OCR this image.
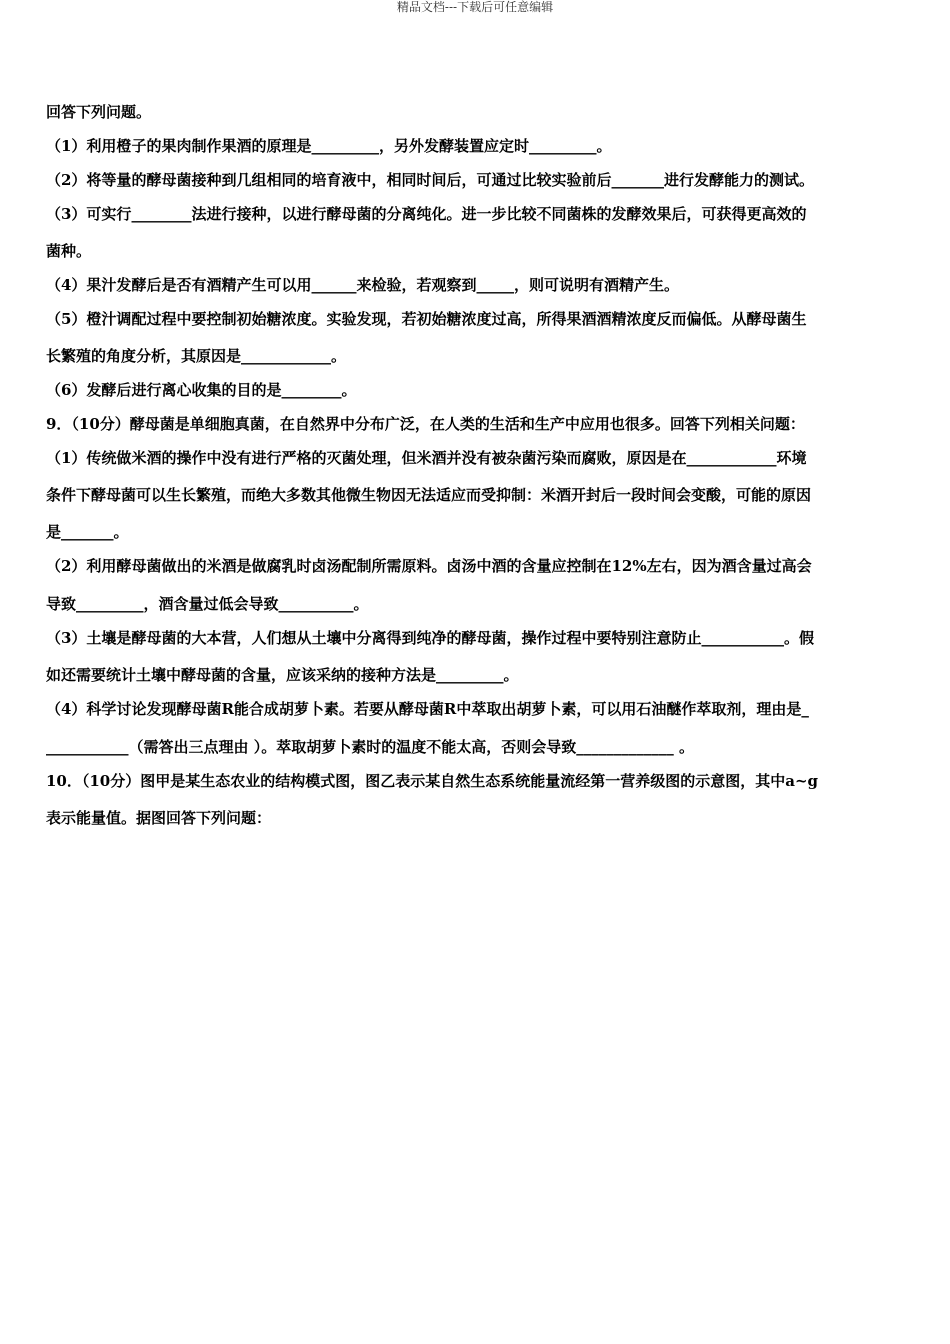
精品文档---下载后可任意编辑
回答下列问题。
（1）利用橙子的果肉制作果酒的原理是_________，另外发酵装置应定时_________。
（2）将等量的酵母菌接种到几组相同的培育液中，相同时间后，可通过比较实验前后_______进行发酵能力的测试。
（3）可实行________法进行接种，以进行酵母菌的分离纯化。进一步比较不同菌株的发酵效果后，可获得更高效的
菌种。
（4）果汁发酵后是否有酒精产生可以用______来检验，若观察到_____，则可说明有酒精产生。
（5）橙汁调配过程中要控制初始糖浓度。实验发现，若初始糖浓度过高，所得果酒酒精浓度反而偏低。从酵母菌生
长繁殖的角度分析，其原因是____________。
（6）发酵后进行离心收集的目的是________。
9．（10分）酵母菌是单细胞真菌，在自然界中分布广泛，在人类的生活和生产中应用也很多。回答下列相关问题：
（1）传统做米酒的操作中没有进行严格的灭菌处理，但米酒并没有被杂菌污染而腐败，原因是在____________环境
条件下酵母菌可以生长繁殖，而绝大多数其他微生物因无法适应而受抑制：米酒开封后一段时间会变酸，可能的原因
是_______。
（2）利用酵母菌做出的米酒是做腐乳时卤汤配制所需原料。卤汤中酒的含量应控制在12%左右，因为酒含量过高会
导致_________，酒含量过低会导致__________。
（3）土壤是酵母菌的大本营，人们想从土壤中分离得到纯净的酵母菌，操作过程中要特别注意防止___________。假
如还需要统计土壤中酵母菌的含量，应该采纳的接种方法是_________。
（4）科学讨论发现酵母菌R能合成胡萝卜素。若要从酵母菌R中萃取出胡萝卜素，可以用石油醚作萃取剂，理由是_
___________（需答出三点理由 ）。萃取胡萝卜素时的温度不能太高，否则会导致_____________ 。
10．（10分）图甲是某生态农业的结构模式图，图乙表示某自然生态系统能量流经第一营养级图的示意图，其中a~g
表示能量值。据图回答下列问题：
